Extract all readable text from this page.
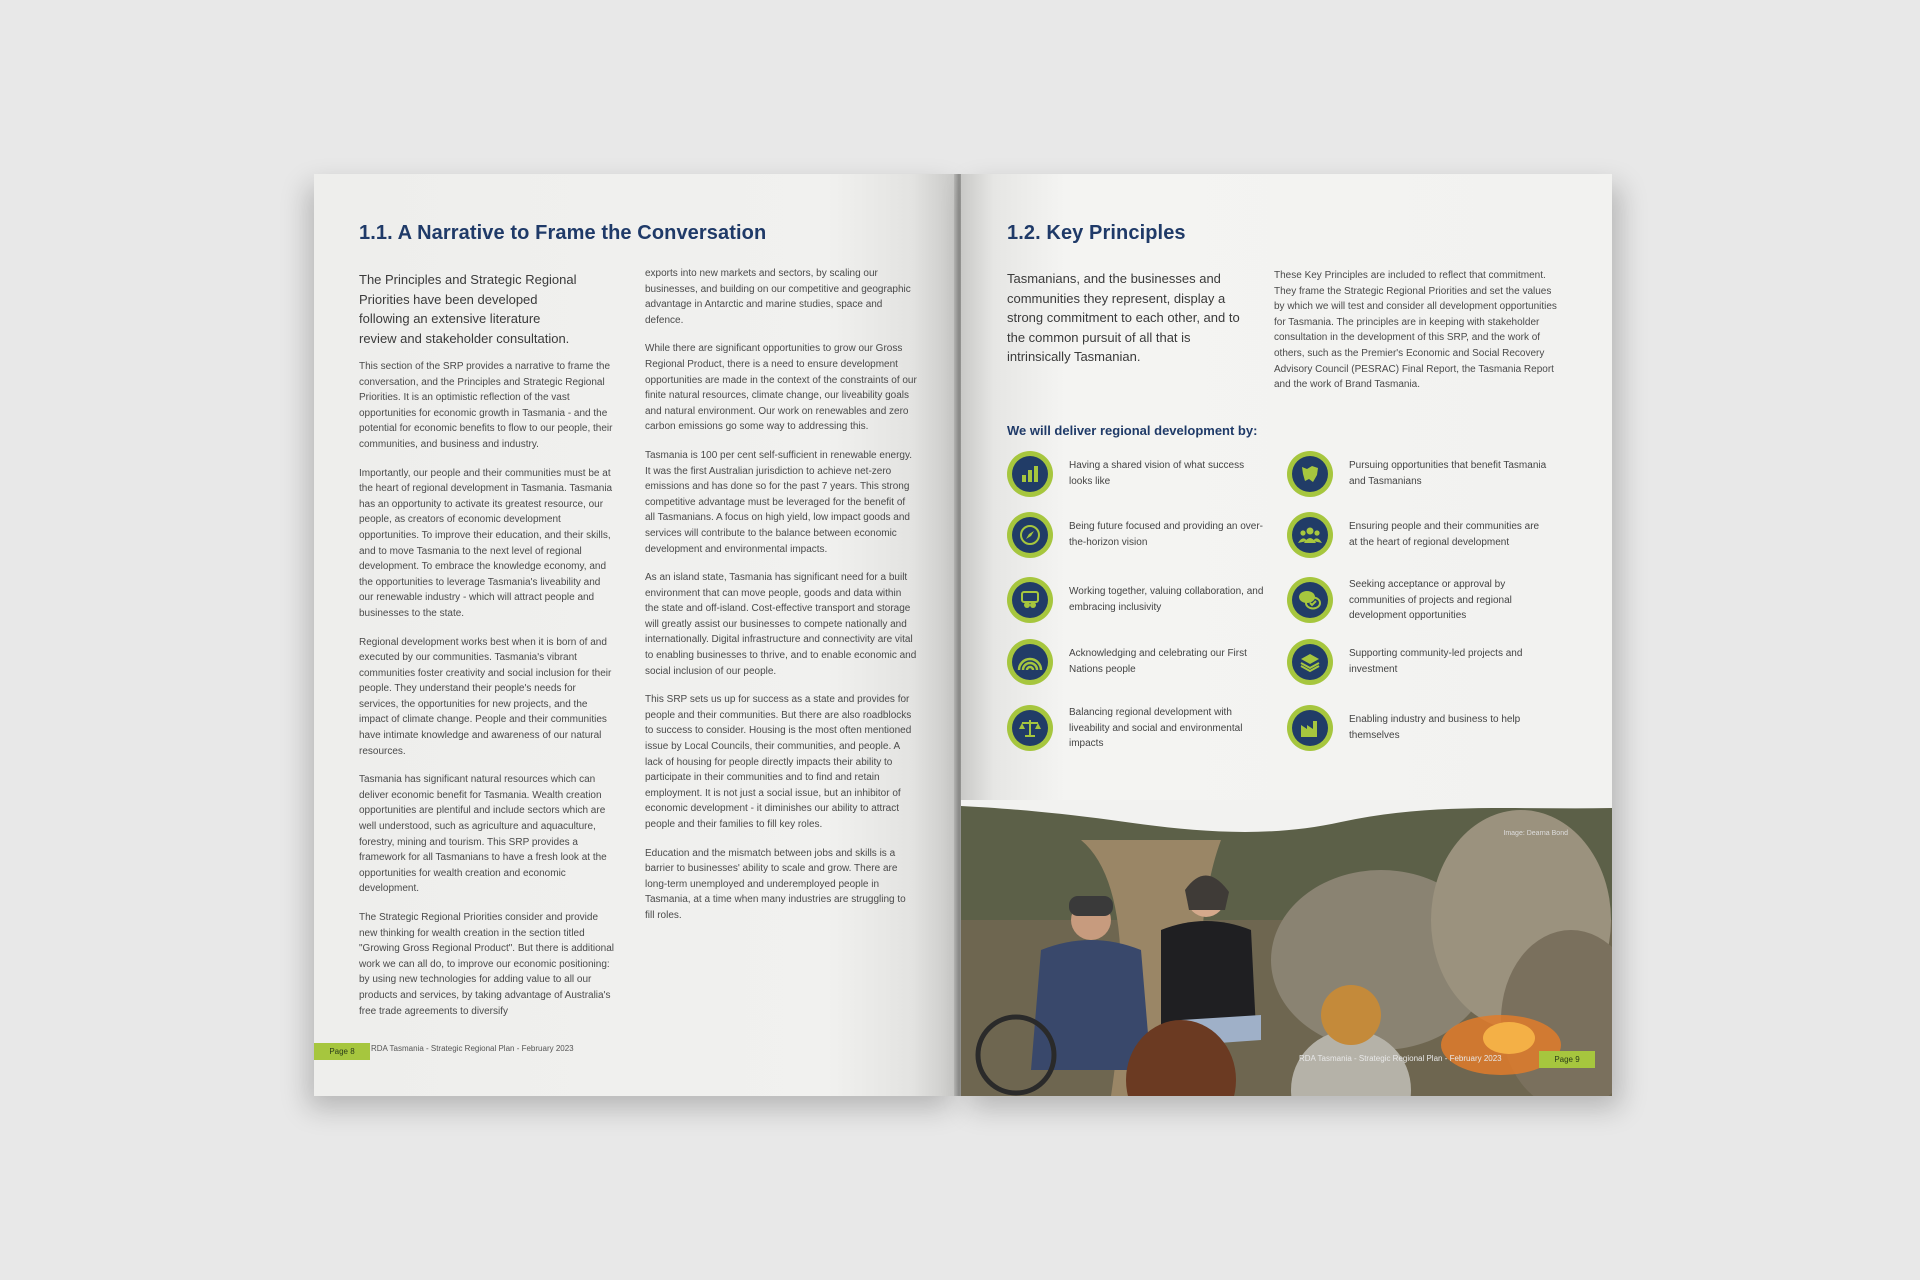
1.1. A Narrative to Frame the Conversation

The Principles and Strategic Regional Priorities have been developed following an extensive literature review and stakeholder consultation.

This section of the SRP provides a narrative to frame the conversation, and the Principles and Strategic Regional Priorities. It is an optimistic reflection of the vast opportunities for economic growth in Tasmania - and the potential for economic benefits to flow to our people, their communities, and business and industry.

Importantly, our people and their communities must be at the heart of regional development in Tasmania. Tasmania has an opportunity to activate its greatest resource, our people, as creators of economic development opportunities. To improve their education, and their skills, and to move Tasmania to the next level of regional development. To embrace the knowledge economy, and the opportunities to leverage Tasmania's liveability and our renewable industry - which will attract people and businesses to the state.

Regional development works best when it is born of and executed by our communities. Tasmania's vibrant communities foster creativity and social inclusion for their people. They understand their people's needs for services, the opportunities for new projects, and the impact of climate change. People and their communities have intimate knowledge and awareness of our natural resources.

Tasmania has significant natural resources which can deliver economic benefit for Tasmania. Wealth creation opportunities are plentiful and include sectors which are well understood, such as agriculture and aquaculture, forestry, mining and tourism. This SRP provides a framework for all Tasmanians to have a fresh look at the opportunities for wealth creation and economic development.

The Strategic Regional Priorities consider and provide new thinking for wealth creation in the section titled "Growing Gross Regional Product". But there is additional work we can all do, to improve our economic positioning: by using new technologies for adding value to all our products and services, by taking advantage of Australia's free trade agreements to diversify

exports into new markets and sectors, by scaling our businesses, and building on our competitive and geographic advantage in Antarctic and marine studies, space and defence.

While there are significant opportunities to grow our Gross Regional Product, there is a need to ensure development opportunities are made in the context of the constraints of our finite natural resources, climate change, our liveability goals and natural environment. Our work on renewables and zero carbon emissions go some way to addressing this.

Tasmania is 100 per cent self-sufficient in renewable energy. It was the first Australian jurisdiction to achieve net-zero emissions and has done so for the past 7 years. This strong competitive advantage must be leveraged for the benefit of all Tasmanians. A focus on high yield, low impact goods and services will contribute to the balance between economic development and environmental impacts.

As an island state, Tasmania has significant need for a built environment that can move people, goods and data within the state and off-island. Cost-effective transport and storage will greatly assist our businesses to compete nationally and internationally. Digital infrastructure and connectivity are vital to enabling businesses to thrive, and to enable economic and social inclusion of our people.

This SRP sets us up for success as a state and provides for people and their communities. But there are also roadblocks to success to consider. Housing is the most often mentioned issue by Local Councils, their communities, and people. A lack of housing for people directly impacts their ability to participate in their communities and to find and retain employment. It is not just a social issue, but an inhibitor of economic development - it diminishes our ability to attract people and their families to fill key roles.

Education and the mismatch between jobs and skills is a barrier to businesses' ability to scale and grow. There are long-term unemployed and underemployed people in Tasmania, at a time when many industries are struggling to fill roles.

Page 8	RDA Tasmania - Strategic Regional Plan - February 2023
1.2. Key Principles

Tasmanians, and the businesses and communities they represent, display a strong commitment to each other, and to the common pursuit of all that is intrinsically Tasmanian.

These Key Principles are included to reflect that commitment. They frame the Strategic Regional Priorities and set the values by which we will test and consider all development opportunities for Tasmania. The principles are in keeping with stakeholder consultation in the development of this SRP, and the work of others, such as the Premier's Economic and Social Recovery Advisory Council (PESRAC) Final Report, the Tasmania Report and the work of Brand Tasmania.

We will deliver regional development by:

Having a shared vision of what success looks like
Pursuing opportunities that benefit Tasmania and Tasmanians
Being future focused and providing an over-the-horizon vision
Ensuring people and their communities are at the heart of regional development
Working together, valuing collaboration, and embracing inclusivity
Seeking acceptance or approval by communities of projects and regional development opportunities
Acknowledging and celebrating our First Nations people
Supporting community-led projects and investment
Balancing regional development with liveability and social and environmental impacts
Enabling industry and business to help themselves
Image: Dearna Bond
RDA Tasmania - Strategic Regional Plan - February 2023	Page 9
